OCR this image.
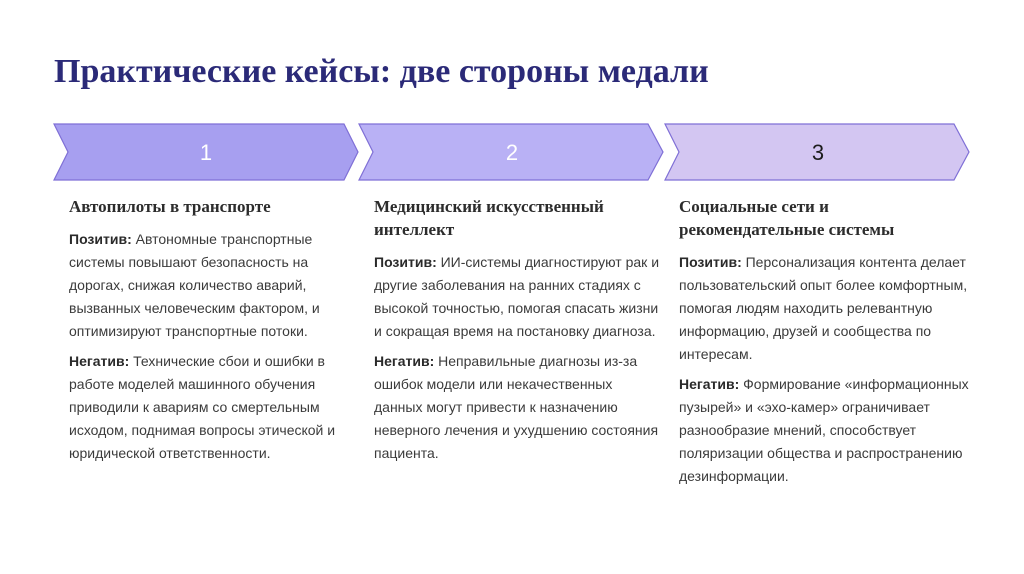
Практические кейсы: две стороны медали
1	2	3
Автопилоты в транспорте

Позитив: Автономные транспортные системы повышают безопасность на дорогах, снижая количество аварий, вызванных человеческим фактором, и оптимизируют транспортные потоки.

Негатив: Технические сбои и ошибки в работе моделей машинного обучения приводили к авариям со смертельным исходом, поднимая вопросы этической и юридической ответственности.

Медицинский искусственный интеллект

Позитив: ИИ-системы диагностируют рак и другие заболевания на ранних стадиях с высокой точностью, помогая спасать жизни и сокращая время на постановку диагноза.

Негатив: Неправильные диагнозы из-за ошибок модели или некачественных данных могут привести к назначению неверного лечения и ухудшению состояния пациента.

Социальные сети и рекомендательные системы

Позитив: Персонализация контента делает пользовательский опыт более комфортным, помогая людям находить релевантную информацию, друзей и сообщества по интересам.

Негатив: Формирование «информационных пузырей» и «эхо-камер» ограничивает разнообразие мнений, способствует поляризации общества и распространению дезинформации.
